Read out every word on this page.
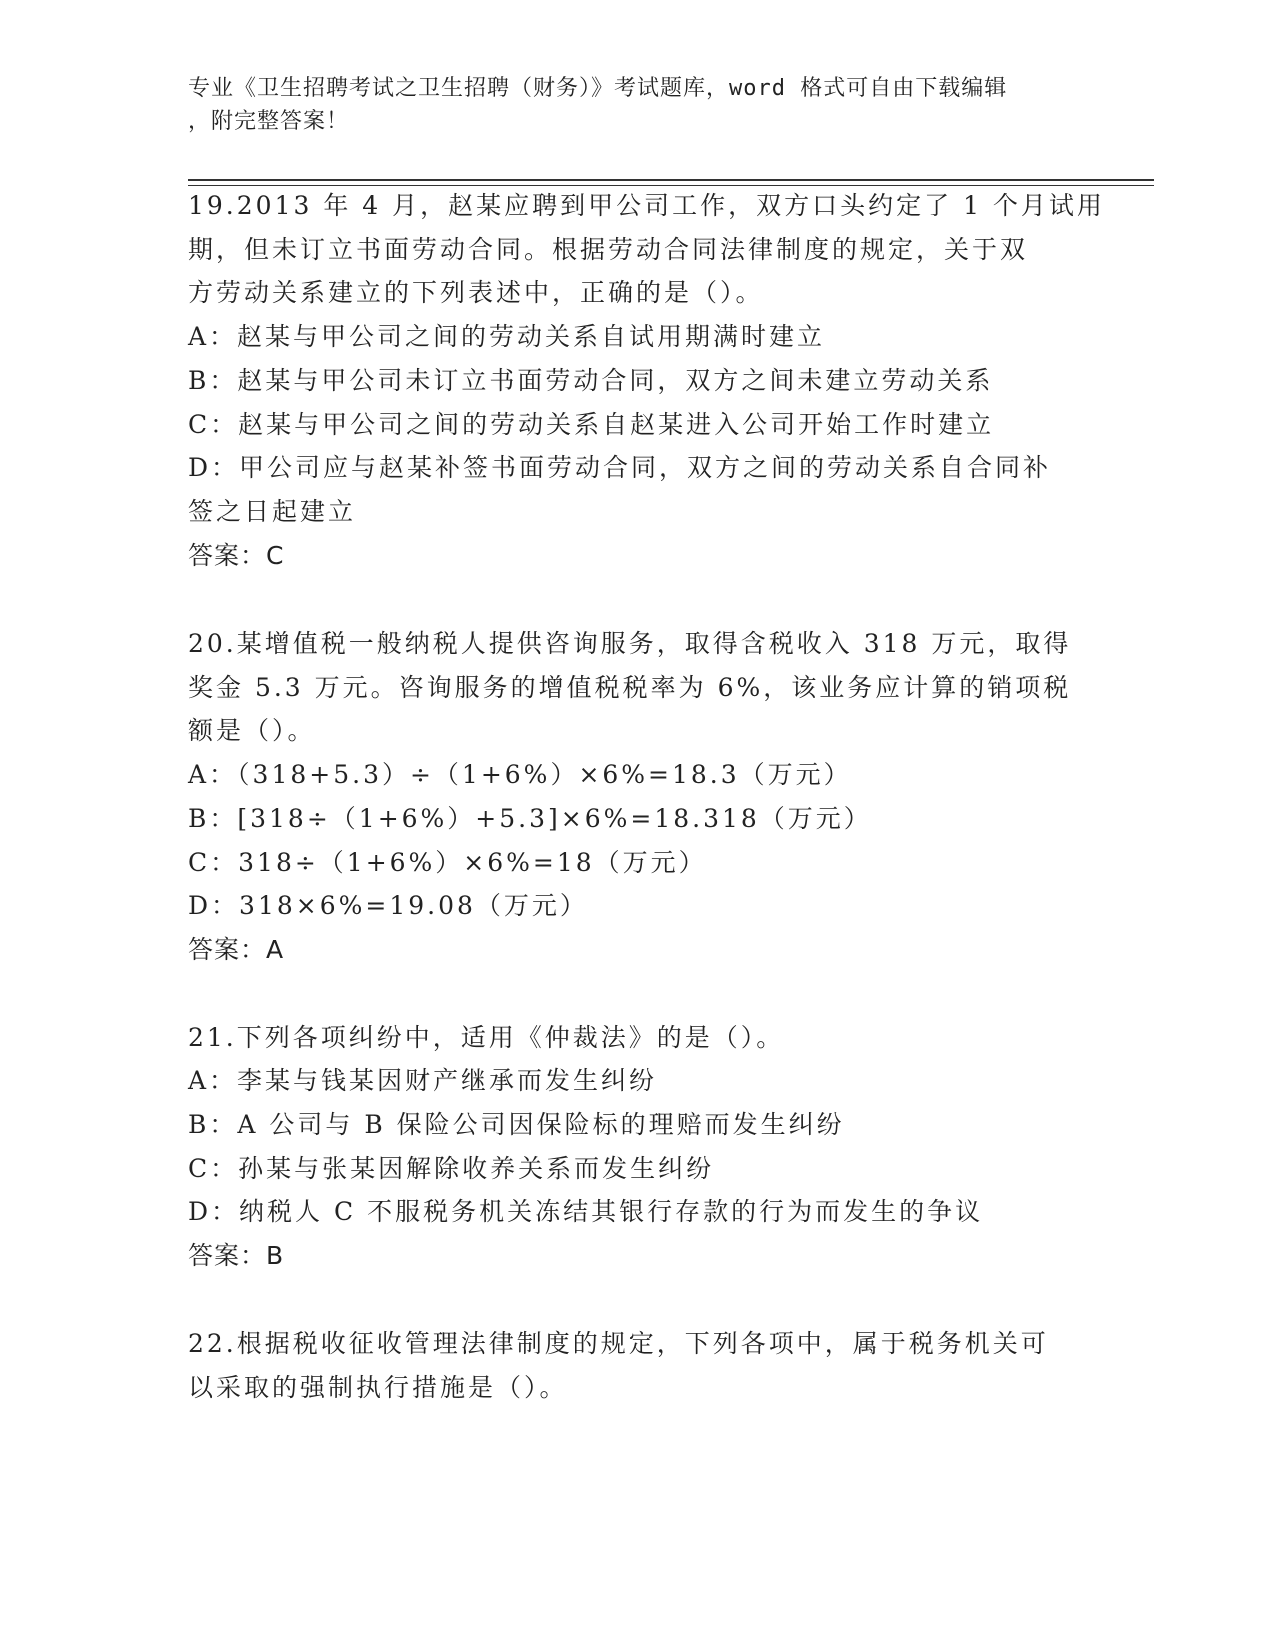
专业《卫生招聘考试之卫生招聘（财务）》考试题库，word 格式可自由下载编辑
，附完整答案！
19.2013 年 4 月，赵某应聘到甲公司工作，双方口头约定了 1 个月试用
期，但未订立书面劳动合同。根据劳动合同法律制度的规定，关于双
方劳动关系建立的下列表述中，正确的是（）。
A：赵某与甲公司之间的劳动关系自试用期满时建立
B：赵某与甲公司未订立书面劳动合同，双方之间未建立劳动关系
C：赵某与甲公司之间的劳动关系自赵某进入公司开始工作时建立
D：甲公司应与赵某补签书面劳动合同，双方之间的劳动关系自合同补
签之日起建立
答案：C
20.某增值税一般纳税人提供咨询服务，取得含税收入 318 万元，取得
奖金 5.3 万元。咨询服务的增值税税率为 6%，该业务应计算的销项税
额是（）。
A：（318+5.3）÷（1+6%）×6%=18.3（万元）
B：[318÷（1+6%）+5.3]×6%=18.318（万元）
C：318÷（1+6%）×6%=18（万元）
D：318×6%=19.08（万元）
答案：A
21.下列各项纠纷中，适用《仲裁法》的是（）。
A：李某与钱某因财产继承而发生纠纷
B：A 公司与 B 保险公司因保险标的理赔而发生纠纷
C：孙某与张某因解除收养关系而发生纠纷
D：纳税人 C 不服税务机关冻结其银行存款的行为而发生的争议
答案：B
22.根据税收征收管理法律制度的规定，下列各项中，属于税务机关可
以采取的强制执行措施是（）。
